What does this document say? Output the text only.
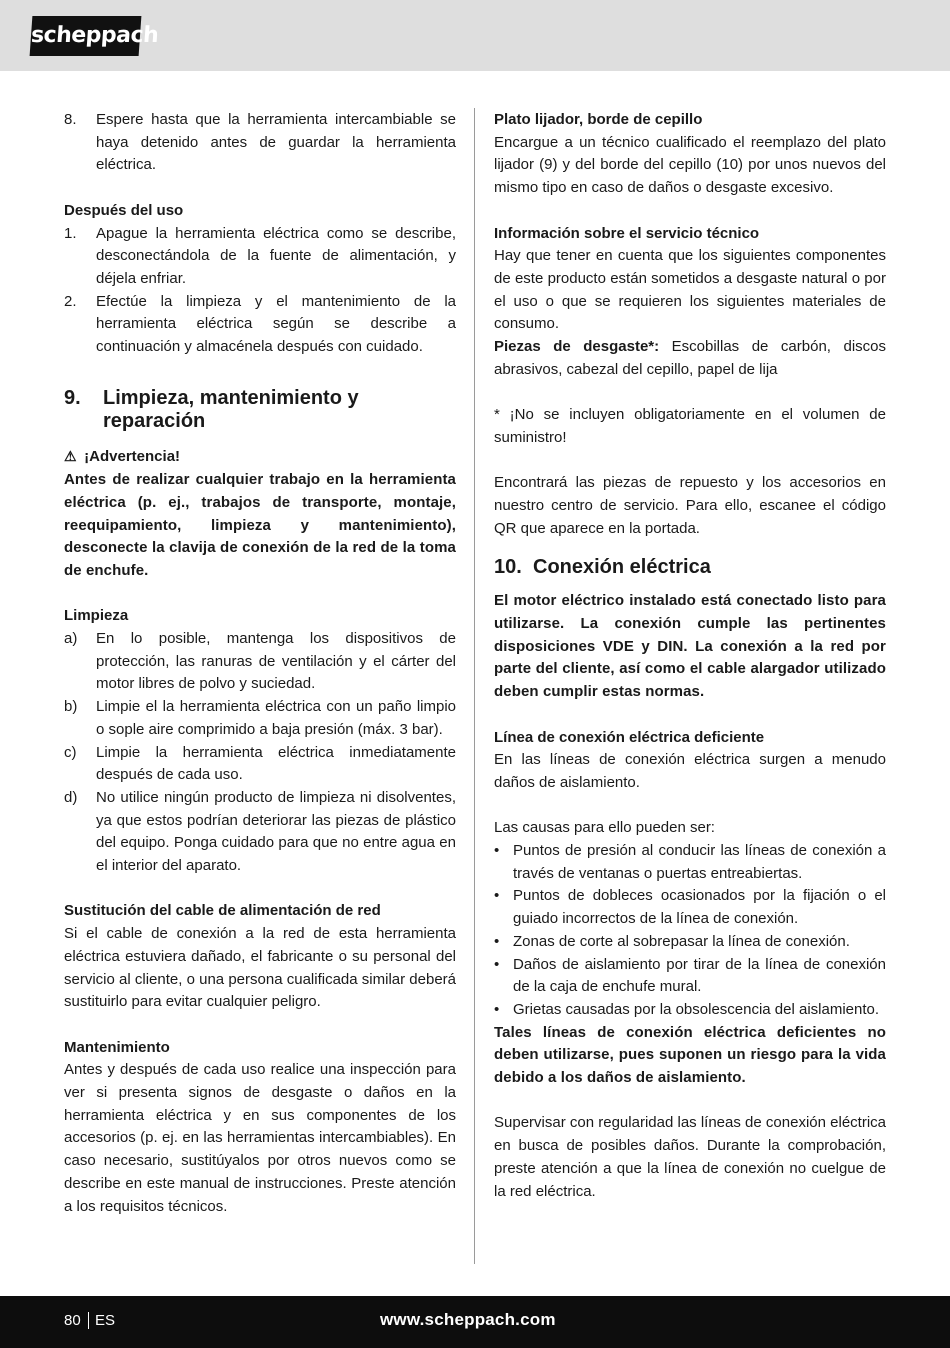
scheppach
8.	Espere hasta que la herramienta intercambiable se haya detenido antes de guardar la herramienta eléctrica.

Después del uso

1.	Apague la herramienta eléctrica como se describe, desconectándola de la fuente de alimentación, y déjela enfriar.
2.	Efectúe la limpieza y el mantenimiento de la herramienta eléctrica según se describe a continuación y almacénela después con cuidado.
9.	Limpieza, mantenimiento y reparación

⚠ ¡Advertencia!

Antes de realizar cualquier trabajo en la herramienta eléctrica (p. ej., trabajos de transporte, montaje, reequipamiento, limpieza y mantenimiento), desconecte la clavija de conexión de la red de la toma de enchufe.

Limpieza

a)	En lo posible, mantenga los dispositivos de protección, las ranuras de ventilación y el cárter del motor libres de polvo y suciedad.
b)	Limpie el la herramienta eléctrica con un paño limpio o sople aire comprimido a baja presión (máx. 3 bar).
c)	Limpie la herramienta eléctrica inmediatamente después de cada uso.
d)	No utilice ningún producto de limpieza ni disolventes, ya que estos podrían deteriorar las piezas de plástico del equipo. Ponga cuidado para que no entre agua en el interior del aparato.

Sustitución del cable de alimentación de red

Si el cable de conexión a la red de esta herramienta eléctrica estuviera dañado, el fabricante o su personal del servicio al cliente, o una persona cualificada similar deberá sustituirlo para evitar cualquier peligro.

Mantenimiento

Antes y después de cada uso realice una inspección para ver si presenta signos de desgaste o daños en la herramienta eléctrica y en sus componentes de los accesorios (p. ej. en las herramientas intercambiables). En caso necesario, sustitúyalos por otros nuevos como se describe en este manual de instrucciones. Preste atención a los requisitos técnicos.

Plato lijador, borde de cepillo

Encargue a un técnico cualificado el reemplazo del plato lijador (9) y del borde del cepillo (10) por unos nuevos del mismo tipo en caso de daños o desgaste excesivo.

Información sobre el servicio técnico

Hay que tener en cuenta que los siguientes componentes de este producto están sometidos a desgaste natural o por el uso o que se requieren los siguientes materiales de consumo.

Piezas de desgaste*: Escobillas de carbón, discos abrasivos, cabezal del cepillo, papel de lija

* ¡No se incluyen obligatoriamente en el volumen de suministro!

Encontrará las piezas de repuesto y los accesorios en nuestro centro de servicio. Para ello, escanee el código QR que aparece en la portada.

10. Conexión eléctrica

El motor eléctrico instalado está conectado listo para utilizarse. La conexión cumple las pertinentes disposiciones VDE y DIN. La conexión a la red por parte del cliente, así como el cable alargador utilizado deben cumplir estas normas.

Línea de conexión eléctrica deficiente

En las líneas de conexión eléctrica surgen a menudo daños de aislamiento.

Las causas para ello pueden ser:

• Puntos de presión al conducir las líneas de conexión a través de ventanas o puertas entreabiertas.
• Puntos de dobleces ocasionados por la fijación o el guiado incorrectos de la línea de conexión.
• Zonas de corte al sobrepasar la línea de conexión.
• Daños de aislamiento por tirar de la línea de conexión de la caja de enchufe mural.
• Grietas causadas por la obsolescencia del aislamiento.

Tales líneas de conexión eléctrica deficientes no deben utilizarse, pues suponen un riesgo para la vida debido a los daños de aislamiento.

Supervisar con regularidad las líneas de conexión eléctrica en busca de posibles daños. Durante la comprobación, preste atención a que la línea de conexión no cuelgue de la red eléctrica.

80 ES	www.scheppach.com
